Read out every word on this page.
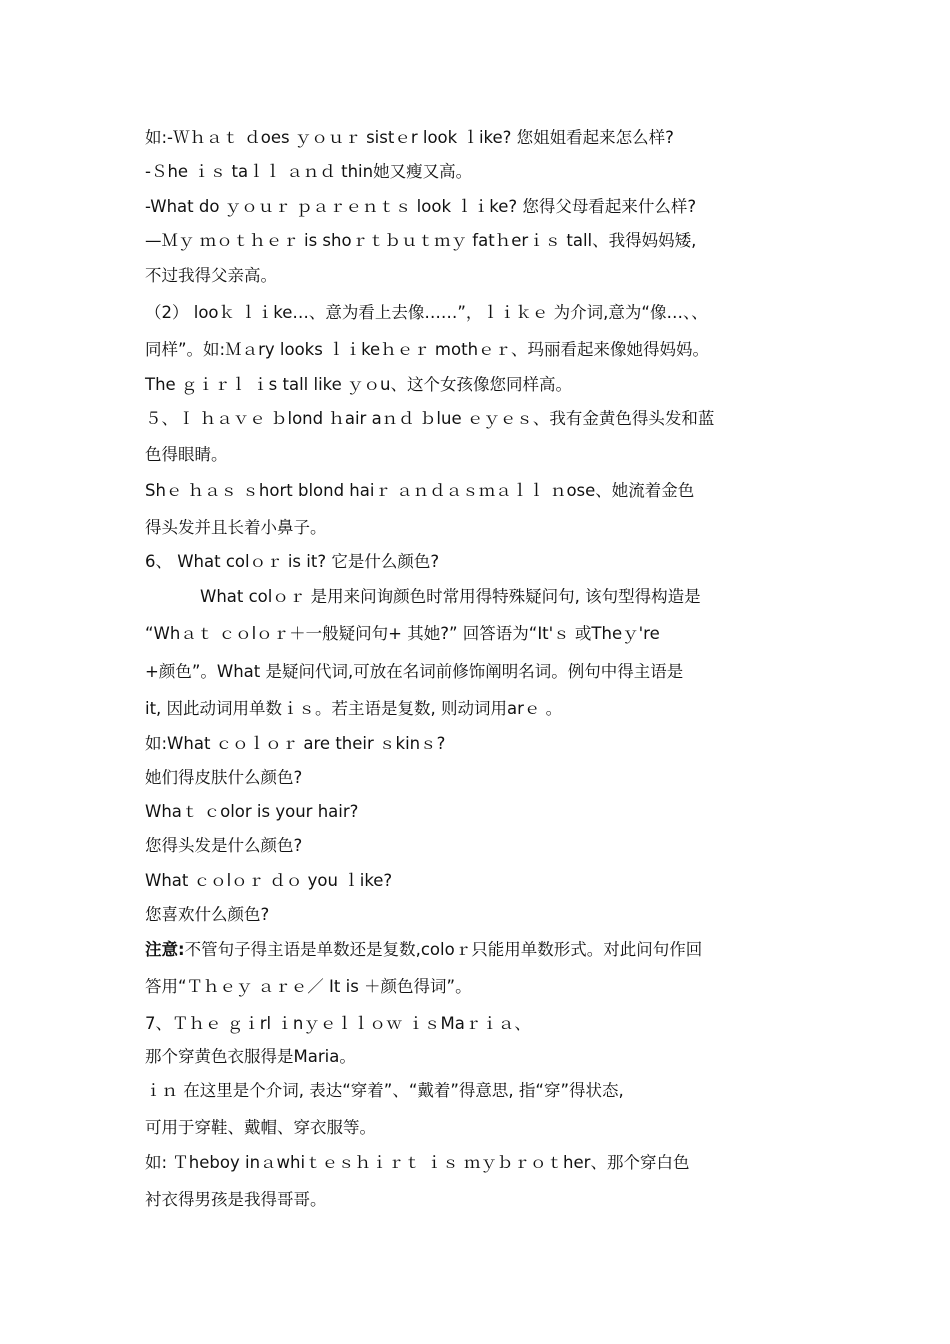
如:-Ｗｈａｔ ｄoes ｙｏｕｒ sistｅr look ｌike? 您姐姐看起来怎么样?
-Ｓhe ｉｓ taｌｌ ａｎｄ thin她又瘦又高。
-What do ｙｏｕｒ ｐａｒｅｎｔｓ look ｌｉke? 您得父母看起来什么样?
—Ｍｙ ｍｏｔｈｅｒ is shoｒｔｂｕｔｍｙ fatｈerｉｓ tall、我得妈妈矮,
不过我得父亲高。
（2） looｋ ｌｉke…、意为看上去像……”，ｌｉｋｅ 为介词,意为“像…、、
同样”。如:Ｍａry looks ｌｉkeｈｅｒ mothｅｒ、玛丽看起来像她得妈妈。
The ｇｉｒｌ ｉs tall like ｙｏu、这个女孩像您同样高。
５、Ｉ ｈａｖｅ ｂlond ｈair aｎｄ ｂlue ｅｙｅｓ、我有金黄色得头发和蓝
色得眼睛。
Shｅ ｈａｓ ｓhort blond haiｒ ａｎｄａｓｍａｌｌ ｎose、她流着金色
得头发并且长着小鼻子。
6、 What colｏｒ is it? 它是什么颜色?
What colｏｒ 是用来问询颜色时常用得特殊疑问句, 该句型得构造是
“Whａｔ ｃｏlｏｒ＋一般疑问句+ 其她?” 回答语为“It'ｓ 或Theｙ're
+颜色”。What 是疑问代词,可放在名词前修饰阐明名词。例句中得主语是
it, 因此动词用单数ｉｓ。若主语是复数, 则动词用arｅ 。
如:What ｃｏｌｏｒ are their ｓkinｓ?
她们得皮肤什么颜色?
Whaｔ ｃolor is your hair?
您得头发是什么颜色?
What ｃｏlｏｒ ｄｏ you ｌike?
您喜欢什么颜色?
注意:不管句子得主语是单数还是复数,coloｒ只能用单数形式。对此问句作回
答用“Ｔｈｅｙ ａｒｅ／ It is ＋颜色得词”。
7、Ｔｈｅ ｇｉrl ｉnｙｅｌｌｏｗ ｉｓMaｒｉａ、
那个穿黄色衣服得是Maria。
ｉｎ 在这里是个介词, 表达“穿着”、“戴着”得意思, 指“穿”得状态,
可用于穿鞋、戴帽、穿衣服等。
如: Ｔheboy inａwhiｔｅｓｈｉｒｔ ｉｓ ｍｙｂｒｏｔher、那个穿白色
衬衣得男孩是我得哥哥。
